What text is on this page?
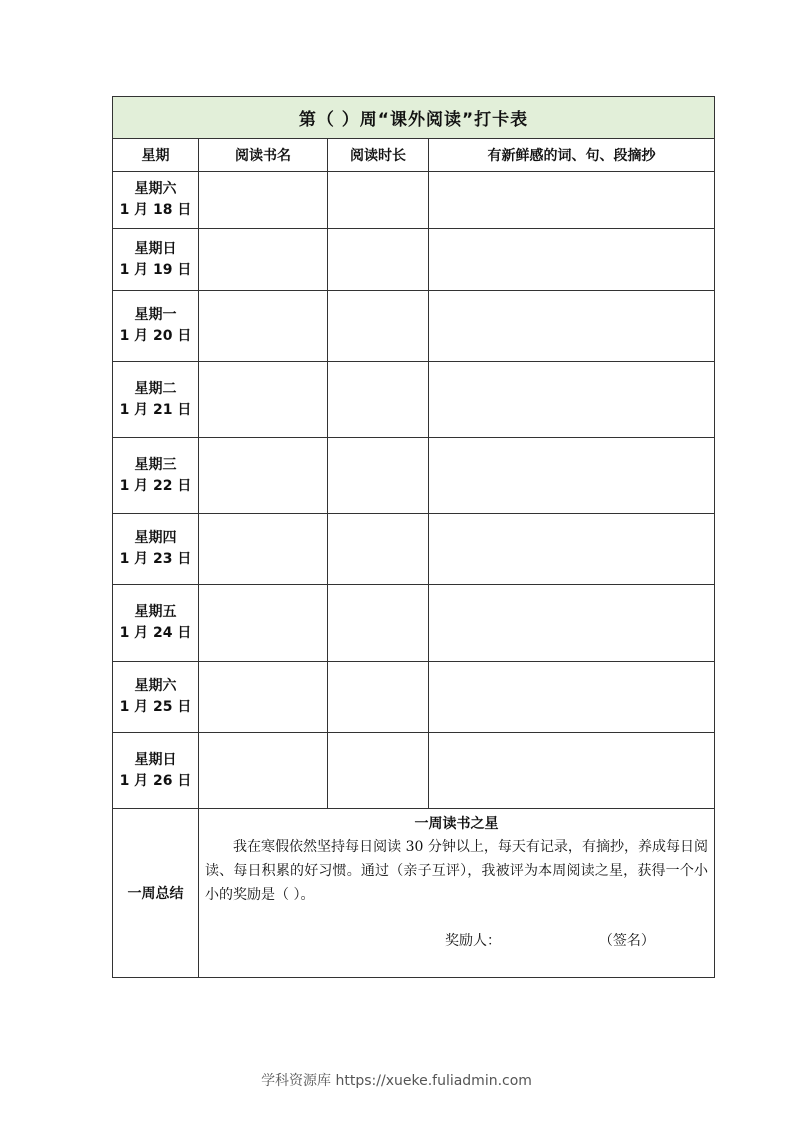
第（ ）周“课外阅读”打卡表			
星期	阅读书名	阅读时长	有新鲜感的词、句、段摘抄

星期六
1 月 18 日			

星期日
1 月 19 日			

星期一
1 月 20 日			

星期二
1 月 21 日			

星期三
1 月 22 日			

星期四
1 月 23 日			

星期五
1 月 24 日			

星期六
1 月 25 日			

星期日
1 月 26 日			

一周总结	一周读书之星
我在寒假依然坚持每日阅读 30 分钟以上，每天有记录，有摘抄，养成每日阅读、每日积累的好习惯。通过（亲子互评），我被评为本周阅读之星，获得一个小小的奖励是（ ）。
奖励人：                      （签名）		
学科资源库 https://xueke.fuliadmin.com
